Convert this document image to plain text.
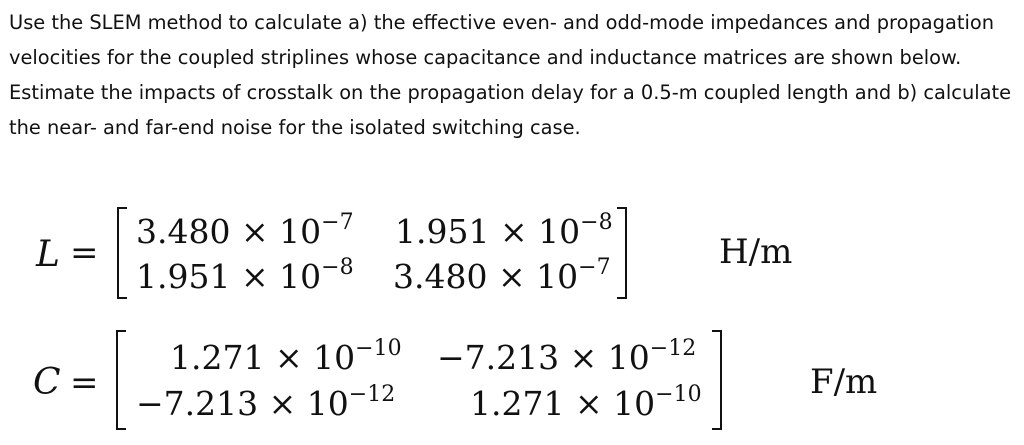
Use the SLEM method to calculate a) the effective even- and odd-mode impedances and propagation velocities for the coupled striplines whose capacitance and inductance matrices are shown below. Estimate the impacts of crosstalk on the propagation delay for a 0.5-m coupled length and b) calculate the near- and far-end noise for the isolated switching case.

L =
$3.480 \times 10^{-7}$ $1.951 \times 10^{-8}$
$1.951 \times 10^{-8}$ $3.480 \times 10^{-7}$	H/m
C =
$1.271 \times 10^{-10} -7.213 \times 10^{-12}$
$-7.213 \times 10^{-12}$ $1.271 \times 10^{-10}$	F/m
